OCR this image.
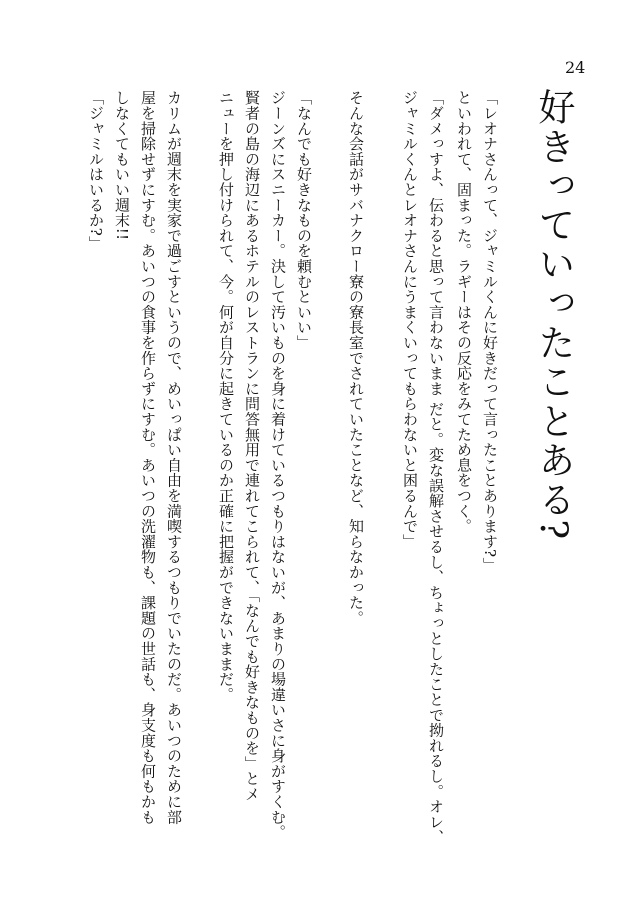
24
好きっていったことある?
「レオナさんって、ジャミルくんに好きだって言ったことあります?」
といわれて、固まった。ラギーはその反応をみてため息をつく。
「ダメっすよ、伝わると思って言わないまま だと。変な誤解させるし、ちょっとしたことで拗れるし。オレ、
ジャミルくんとレオナさんにうまくいってもらわないと困るんで」
そんな会話がサバナクロー寮の寮長室でされていたことなど、知らなかった。
「なんでも好きなものを頼むといい」
ジーンズにスニーカー。決して汚いものを身に着けているつもりはないが、あまりの場違いさに身がすくむ。
賢者の島の海辺にあるホテルのレストランに問答無用で連れてこられて、「なんでも好きなものを」とメ
ニューを押し付けられて、今。何が自分に起きているのか正確に把握ができないままだ。
カリムが週末を実家で過ごすというので、めいっぱい自由を満喫するつもりでいたのだ。あいつのために部
屋を掃除せずにすむ。あいつの食事を作らずにすむ。あいつの洗濯物も、課題の世話も、身支度も何もかも
しなくてもいい週末!!
「ジャミルはいるか?」
